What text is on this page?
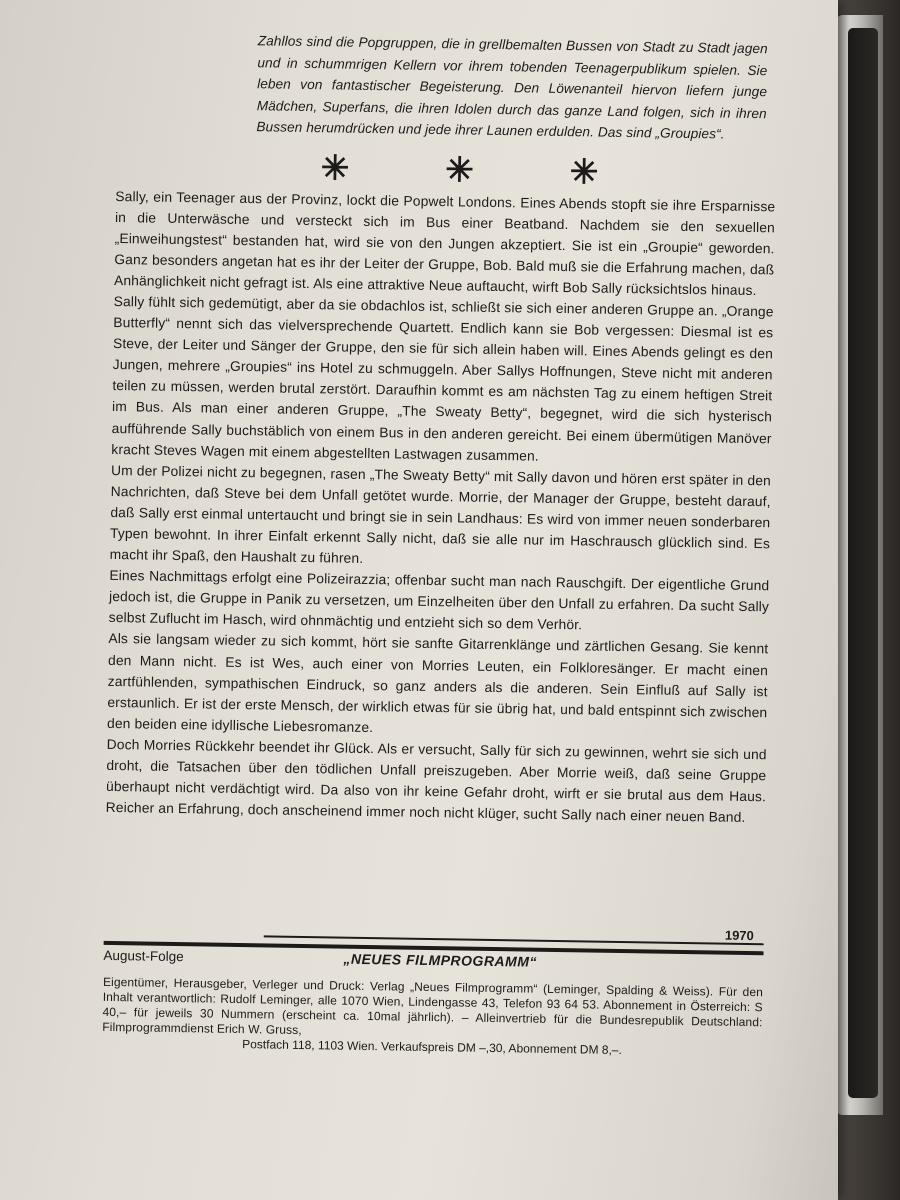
Zahllos sind die Popgruppen, die in grellbemalten Bussen von Stadt zu Stadt jagen und in schummrigen Kellern vor ihrem tobenden Teenagerpublikum spielen. Sie leben von fantastischer Begeisterung. Den Löwenanteil hiervon liefern junge Mädchen, Superfans, die ihren Idolen durch das ganze Land folgen, sich in ihren Bussen herumdrücken und jede ihrer Launen erdulden. Das sind „Groupies“.

✳	✳	✳

Sally, ein Teenager aus der Provinz, lockt die Popwelt Londons. Eines Abends stopft sie ihre Ersparnisse in die Unterwäsche und versteckt sich im Bus einer Beatband. Nachdem sie den sexuellen „Einweihungstest“ bestanden hat, wird sie von den Jungen akzeptiert. Sie ist ein „Groupie“ geworden. Ganz besonders angetan hat es ihr der Leiter der Gruppe, Bob. Bald muß sie die Erfahrung machen, daß Anhänglichkeit nicht gefragt ist. Als eine attraktive Neue auftaucht, wirft Bob Sally rücksichtslos hinaus.

Sally fühlt sich gedemütigt, aber da sie obdachlos ist, schließt sie sich einer anderen Gruppe an. „Orange Butterfly“ nennt sich das vielversprechende Quartett. Endlich kann sie Bob vergessen: Diesmal ist es Steve, der Leiter und Sänger der Gruppe, den sie für sich allein haben will. Eines Abends gelingt es den Jungen, mehrere „Groupies“ ins Hotel zu schmuggeln. Aber Sallys Hoffnungen, Steve nicht mit anderen teilen zu müssen, werden brutal zerstört. Daraufhin kommt es am nächsten Tag zu einem heftigen Streit im Bus. Als man einer anderen Gruppe, „The Sweaty Betty“, begegnet, wird die sich hysterisch aufführende Sally buchstäblich von einem Bus in den anderen gereicht. Bei einem übermütigen Manöver kracht Steves Wagen mit einem abgestellten Lastwagen zusammen.

Um der Polizei nicht zu begegnen, rasen „The Sweaty Betty“ mit Sally davon und hören erst später in den Nachrichten, daß Steve bei dem Unfall getötet wurde. Morrie, der Manager der Gruppe, besteht darauf, daß Sally erst einmal untertaucht und bringt sie in sein Landhaus: Es wird von immer neuen sonderbaren Typen bewohnt. In ihrer Einfalt erkennt Sally nicht, daß sie alle nur im Haschrausch glücklich sind. Es macht ihr Spaß, den Haushalt zu führen.

Eines Nachmittags erfolgt eine Polizeirazzia; offenbar sucht man nach Rauschgift. Der eigentliche Grund jedoch ist, die Gruppe in Panik zu versetzen, um Einzelheiten über den Unfall zu erfahren. Da sucht Sally selbst Zuflucht im Hasch, wird ohnmächtig und entzieht sich so dem Verhör.

Als sie langsam wieder zu sich kommt, hört sie sanfte Gitarrenklänge und zärtlichen Gesang. Sie kennt den Mann nicht. Es ist Wes, auch einer von Morries Leuten, ein Folkloresänger. Er macht einen zartfühlenden, sympathischen Eindruck, so ganz anders als die anderen. Sein Einfluß auf Sally ist erstaunlich. Er ist der erste Mensch, der wirklich etwas für sie übrig hat, und bald entspinnt sich zwischen den beiden eine idyllische Liebesromanze.

Doch Morries Rückkehr beendet ihr Glück. Als er versucht, Sally für sich zu gewinnen, wehrt sie sich und droht, die Tatsachen über den tödlichen Unfall preiszugeben. Aber Morrie weiß, daß seine Gruppe überhaupt nicht verdächtigt wird. Da also von ihr keine Gefahr droht, wirft er sie brutal aus dem Haus. Reicher an Erfahrung, doch anscheinend immer noch nicht klüger, sucht Sally nach einer neuen Band.

1970
August-Folge	„NEUES FILMPROGRAMM“
Eigentümer, Herausgeber, Verleger und Druck: Verlag „Neues Filmprogramm“ (Leminger, Spalding & Weiss). Für den Inhalt verantwortlich: Rudolf Leminger, alle 1070 Wien, Lindengasse 43, Telefon 93 64 53. Abonnement in Österreich: S 40,– für jeweils 30 Nummern (erscheint ca. 10mal jährlich). – Alleinvertrieb für die Bundesrepublik Deutschland: Filmprogrammdienst Erich W. Gruss,
Postfach 118, 1103 Wien. Verkaufspreis DM –,30, Abonnement DM 8,–.
